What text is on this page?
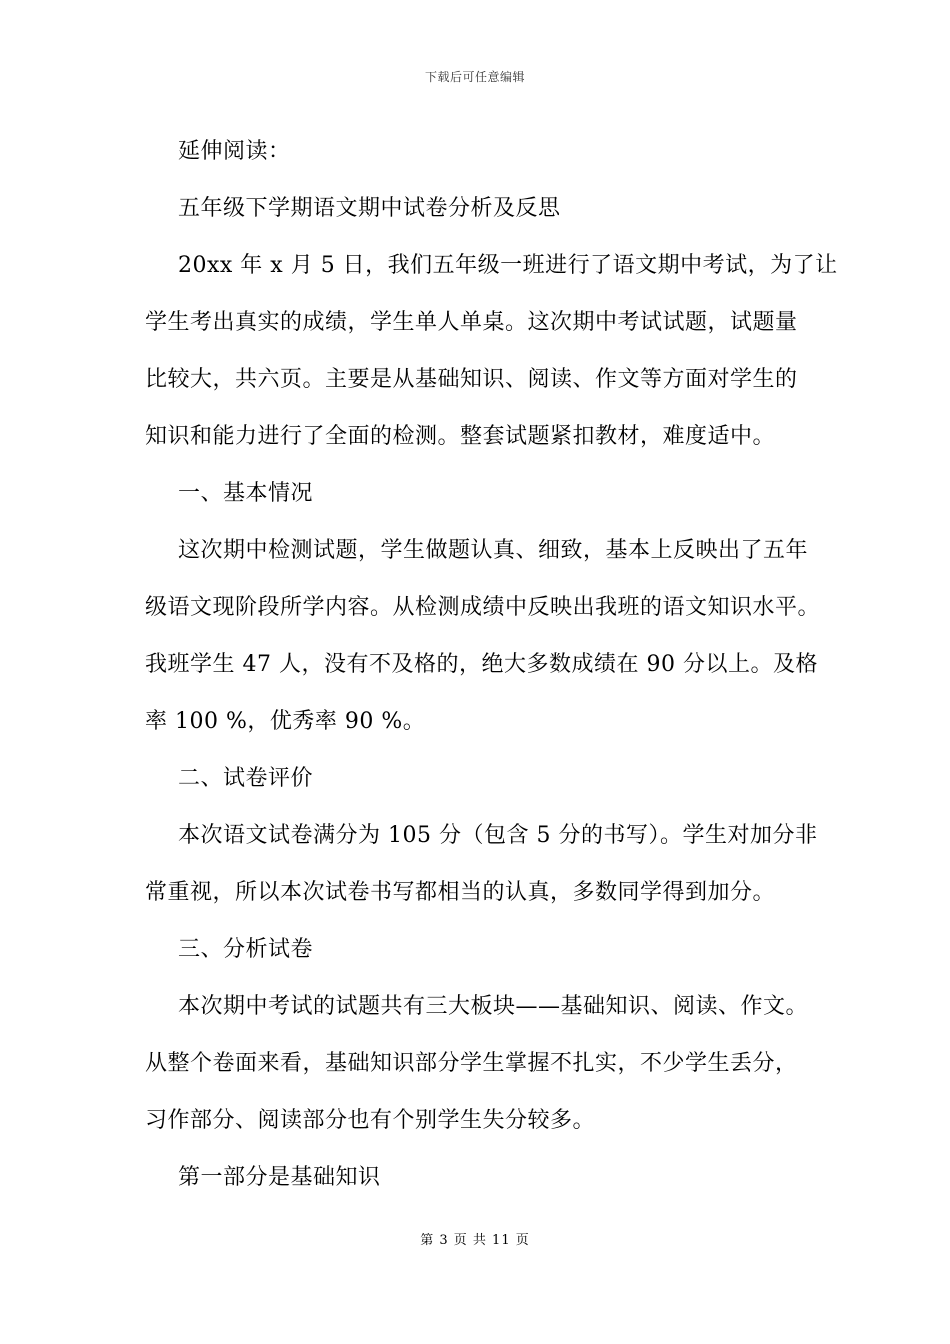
下载后可任意编辑
延伸阅读：
五年级下学期语文期中试卷分析及反思
20xx 年 x 月 5 日，我们五年级一班进行了语文期中考试，为了让
学生考出真实的成绩，学生单人单桌。这次期中考试试题，试题量
比较大，共六页。主要是从基础知识、阅读、作文等方面对学生的
知识和能力进行了全面的检测。整套试题紧扣教材，难度适中。
一、基本情况
这次期中检测试题，学生做题认真、细致，基本上反映出了五年
级语文现阶段所学内容。从检测成绩中反映出我班的语文知识水平。
我班学生 47 人，没有不及格的，绝大多数成绩在 90 分以上。及格
率 100 %，优秀率 90 %。
二、试卷评价
本次语文试卷满分为 105 分（包含 5 分的书写）。学生对加分非
常重视，所以本次试卷书写都相当的认真，多数同学得到加分。
三、分析试卷
本次期中考试的试题共有三大板块——基础知识、阅读、作文。
从整个卷面来看，基础知识部分学生掌握不扎实，不少学生丢分，
习作部分、阅读部分也有个别学生失分较多。
第一部分是基础知识
第 3 页 共 11 页
